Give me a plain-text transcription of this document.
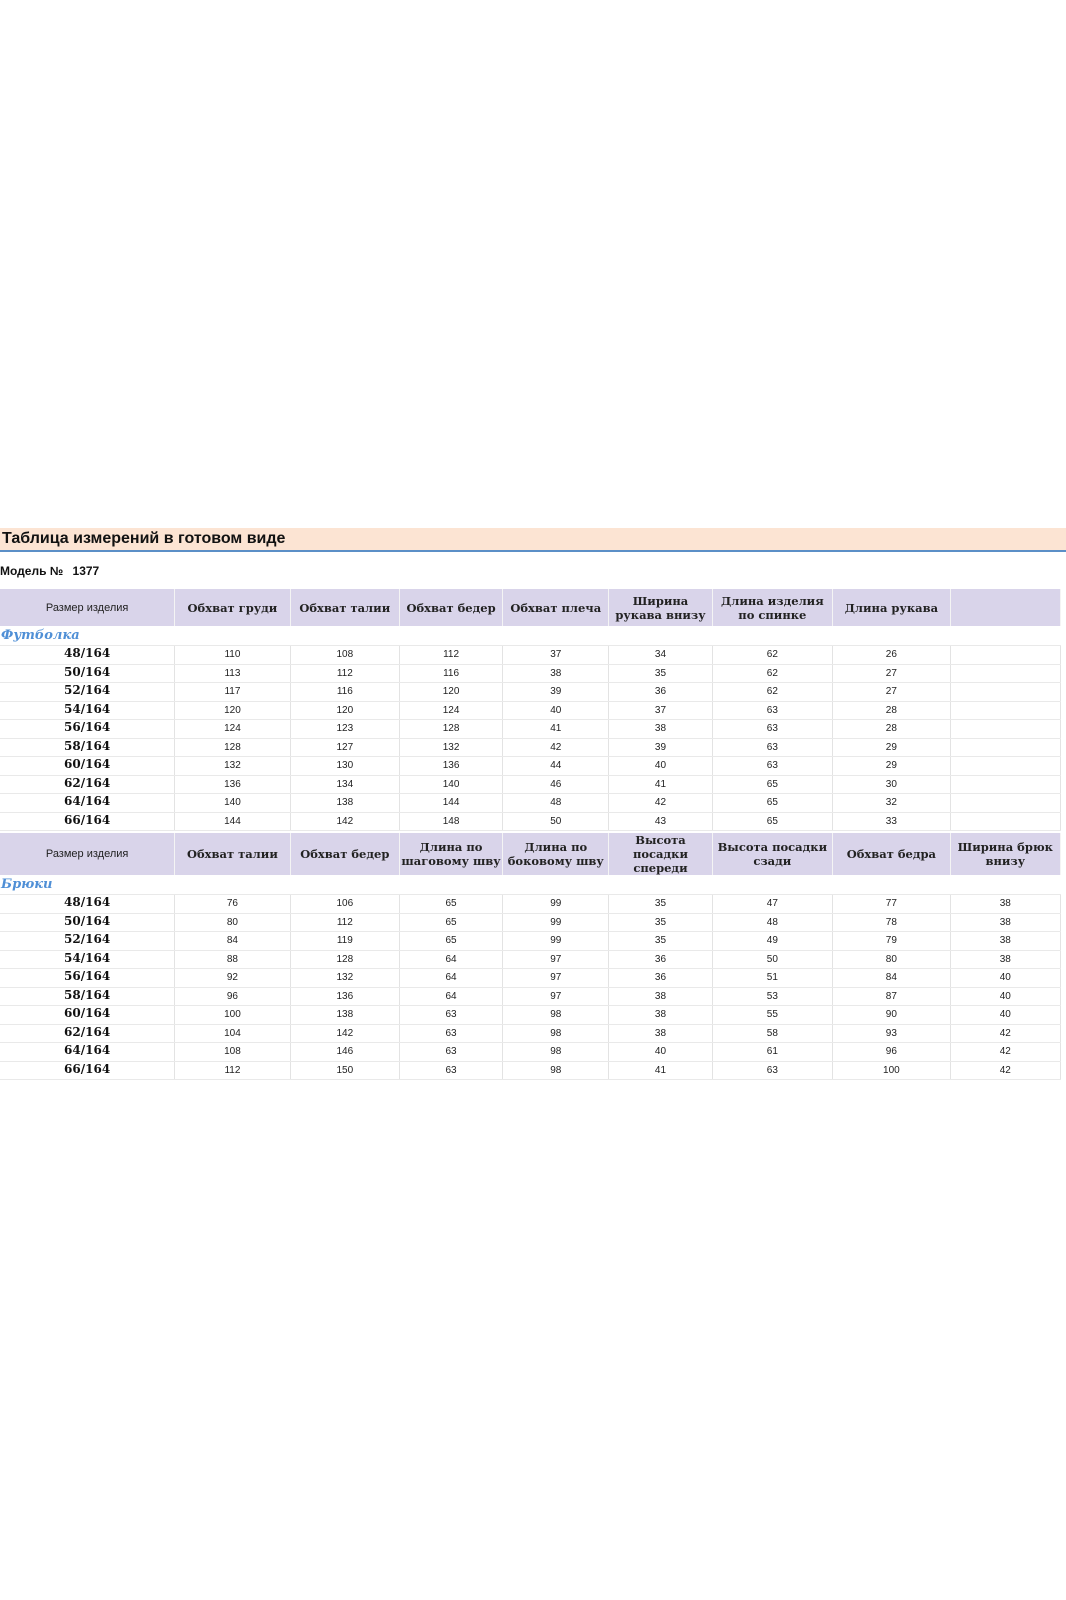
Таблица измерений в готовом виде
Модель № 1377
Размер изделия	Обхват груди	Обхват талии	Обхват бедер	Обхват плеча	Ширина рукава внизу	Длина изделия по спинке	Длина рукава	
Футболка								
48/164	110	108	112	37	34	62	26	
50/164	113	112	116	38	35	62	27	
52/164	117	116	120	39	36	62	27	
54/164	120	120	124	40	37	63	28	
56/164	124	123	128	41	38	63	28	
58/164	128	127	132	42	39	63	29	
60/164	132	130	136	44	40	63	29	
62/164	136	134	140	46	41	65	30	
64/164	140	138	144	48	42	65	32	
66/164	144	142	148	50	43	65	33	
Размер изделия	Обхват талии	Обхват бедер	Длина по шаговому шву	Длина по боковому шву	Высота посадки спереди	Высота посадки сзади	Обхват бедра	Ширина брюк внизу
Брюки								
48/164	76	106	65	99	35	47	77	38
50/164	80	112	65	99	35	48	78	38
52/164	84	119	65	99	35	49	79	38
54/164	88	128	64	97	36	50	80	38
56/164	92	132	64	97	36	51	84	40
58/164	96	136	64	97	38	53	87	40
60/164	100	138	63	98	38	55	90	40
62/164	104	142	63	98	38	58	93	42
64/164	108	146	63	98	40	61	96	42
66/164	112	150	63	98	41	63	100	42
